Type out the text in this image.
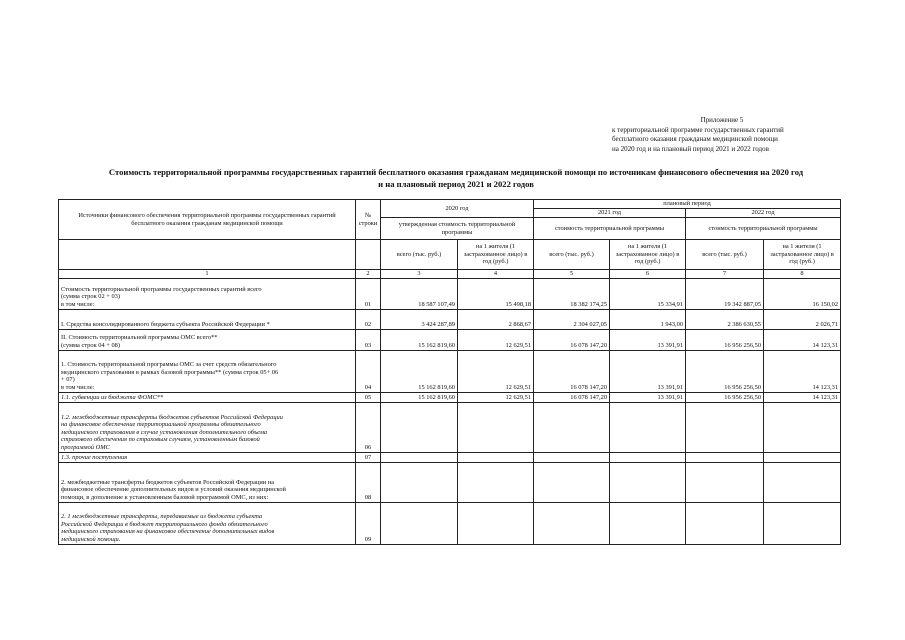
Приложение 5
к территориальной программе государственных гарантий
бесплатного оказания гражданам медицинской помощи
на 2020 год и на плановый период 2021 и 2022 годов
Стоимость территориальной программы государственных гарантий бесплатного оказания гражданам медицинской помощи по источникам финансового обеспечения на 2020 год
и на плановый период 2021 и 2022 годов
Источники финансового обеспечения территориальной программы государственных гарантий бесплатного оказания гражданам медицинской помощи	№ строки	2020 год		плановый период			
				2021 год		2022 год	
		утвержденная стоимость территориальной программы		стоимость территориальной программы		стоимость территориальной программы	
		всего (тыс. руб.)	на 1 жителя (1 застрахованное лицо) в год (руб.)	всего (тыс. руб.)	на 1 жителя (1 застрахованное лицо) в год (руб.)	всего (тыс. руб.)	на 1 жителя (1 застрахованное лицо) в год (руб.)
1	2	3	4	5	6	7	8

Стоимость территориальной программы государственных гарантий всего
(сумма строк 02 + 03)
в том числе:	01	18 587 107,49	15 498,18	18 382 174,25	15 334,91	19 342 887,05	16 150,02

I. Средства консолидированного бюджета субъекта Российской Федерации *	02	3 424 287,89	2 868,67	2 304 027,05	1 943,00	2 386 630,55	2 026,71

II. Стоимость территориальной программы ОМС всего**
(сумма строк 04 + 08)	03	15 162 819,60	12 629,51	16 078 147,20	13 391,91	16 956 256,50	14 123,31

1. Стоимость территориальной программы ОМС за счет средств обязательного
медицинского страхования в рамках базовой программы** (сумма строк 05+ 06
+ 07)
в том числе:	04	15 162 819,60	12 629,51	16 078 147,20	13 391,91	16 956 256,50	14 123,31

1.1. субвенции из бюджета ФОМС**	05	15 162 819,60	12 629,51	16 078 147,20	13 391,91	16 956 256,50	14 123,31

1.2. межбюджетные трансферты бюджетов субъектов Российской Федерации
на финансовое обеспечение территориальной программы обязательного
медицинского страхования в случае установления дополнительного объема
страхового обеспечения по страховым случаям, установленным базовой
программой ОМС	06						

1.3. прочие поступления	07						

2. межбюджетные трансферты бюджетов субъектов Российской Федерации на
финансовое обеспечение дополнительных видов и условий оказания медицинской
помощи, в дополнение к установленным базовой программой ОМС, из них:	08						

2. 1 межбюджетные трансферты, передаваемые из бюджета субъекта
Российской Федерации в бюджет территориального фонда обязательного
медицинского страхования на финансовое обеспечение дополнительных видов
медицинской помощи.	09						
